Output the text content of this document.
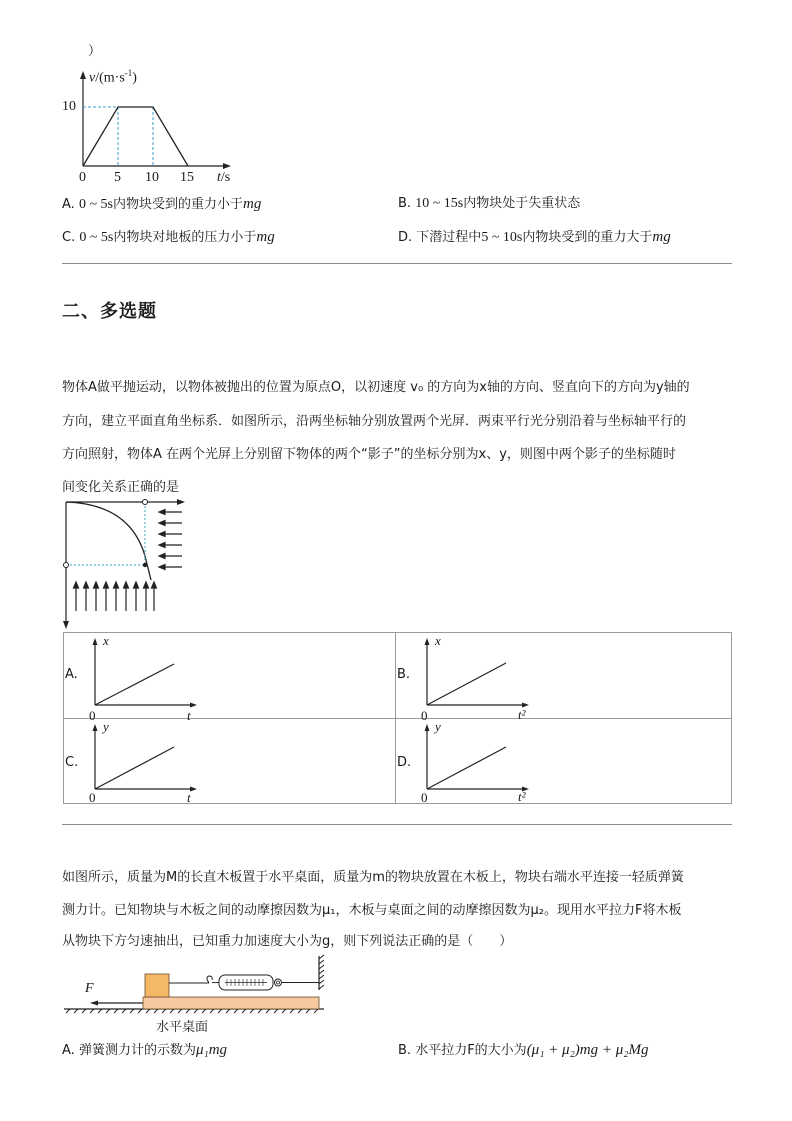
）
$v/(m\cdot s^{-1})$
10
0 5 10 15 t/s
A. 0 ~ 5s内物块受到的重力小于mg	B. 10 ~ 15s内物块处于失重状态
C. 0 ~ 5s内物块对地板的压力小于mg	D. 下潜过程中5 ~ 10s内物块受到的重力大于mg
二、多选题
物体A做平抛运动，以物体被抛出的位置为原点O，以初速度 v₀ 的方向为x轴的方向、竖直向下的方向为y轴的
方向，建立平面直角坐标系．如图所示，沿两坐标轴分别放置两个光屏．两束平行光分别沿着与坐标轴平行的
方向照射，物体A 在两个光屏上分别留下物体的两个“影子”的坐标分别为x、y，则图中两个影子的坐标随时
间变化关系正确的是
A.
x
0	t
B.
x
0	t²
C.
y
0	t
D.
y
0	t²
如图所示，质量为M的长直木板置于水平桌面，质量为m的物块放置在木板上，物块右端水平连接一轻质弹簧
测力计。已知物块与木板之间的动摩擦因数为μ₁，木板与桌面之间的动摩擦因数为μ₂。现用水平拉力F将木板
从物块下方匀速抽出，已知重力加速度大小为g，则下列说法正确的是（　　）
F
水平桌面
A. 弹簧测力计的示数为μ₁mg	B. 水平拉力F的大小为(μ₁ + μ₂)mg + μ₂Mg
